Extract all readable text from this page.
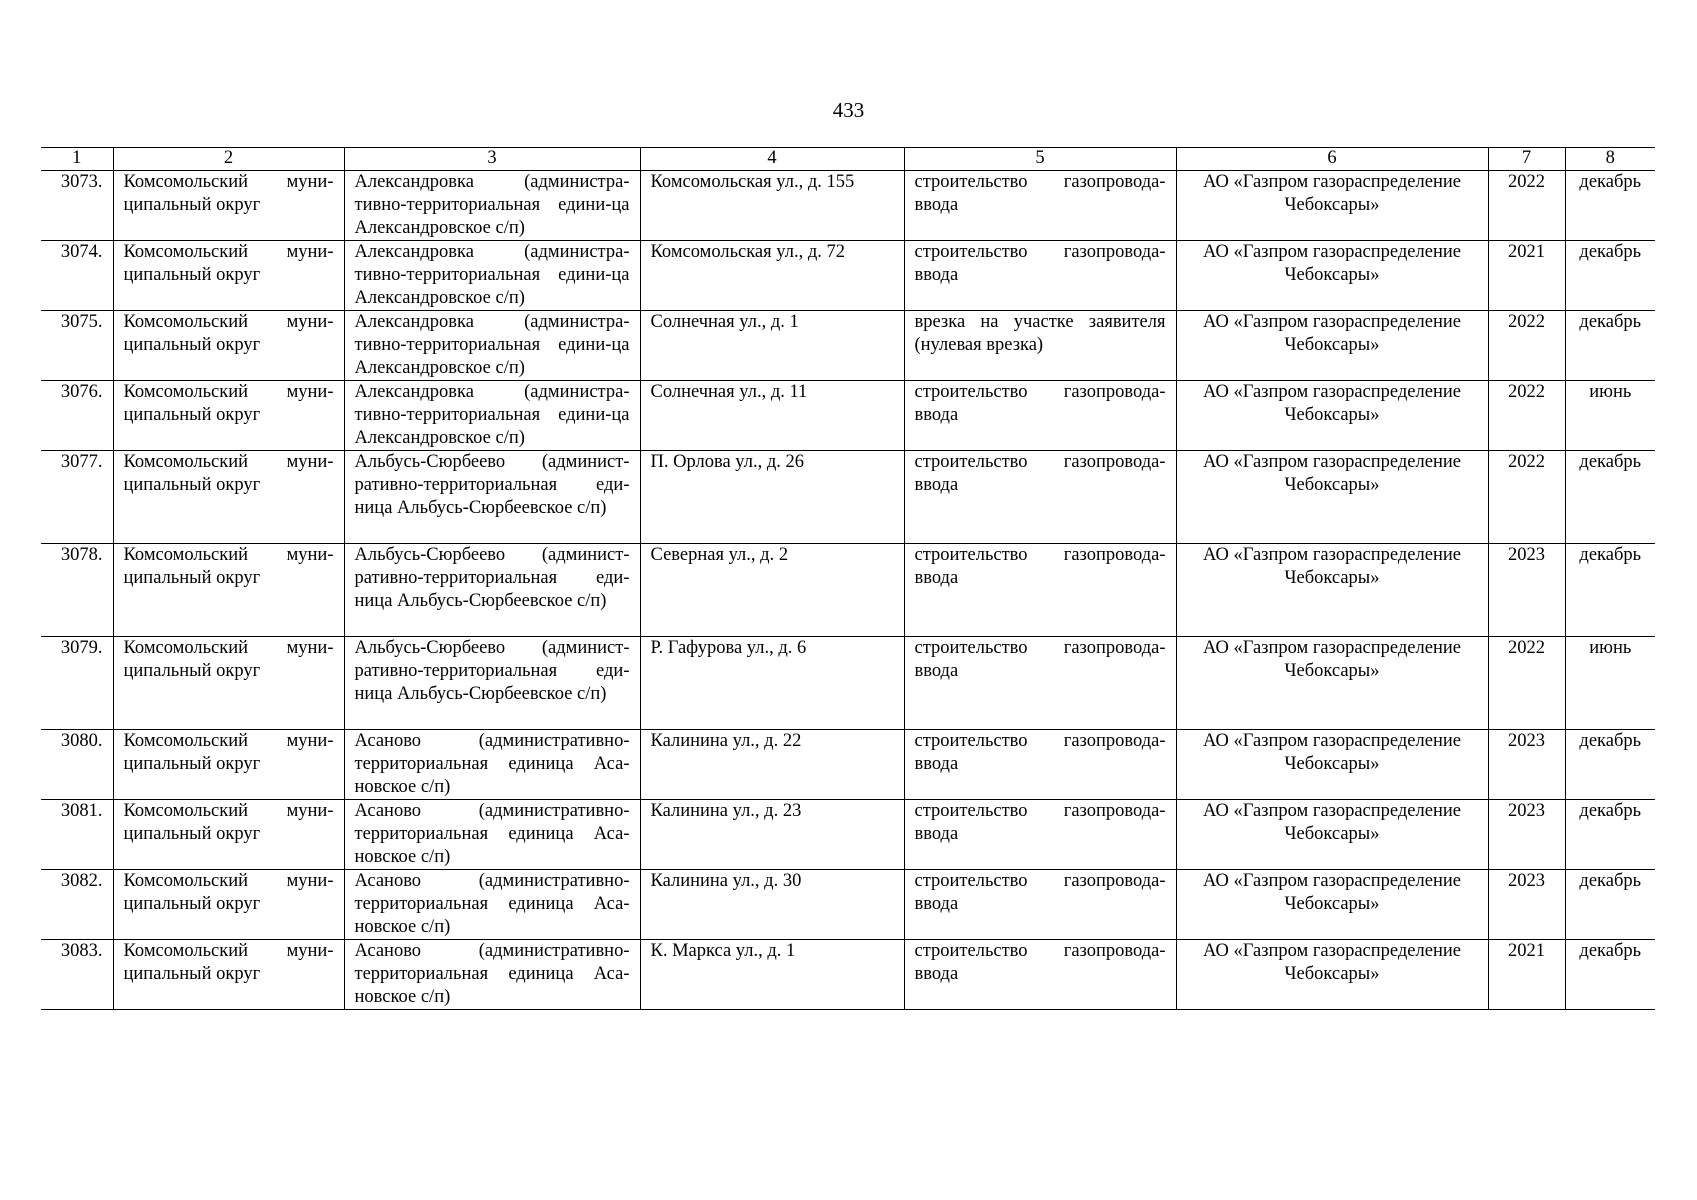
433
1	2	3	4	5	6	7	8
3073.	Комсомольский муни-ципальный округ	Александровка (администра-тивно-территориальная едини-ца Александровское с/п)	Комсомольская ул., д. 155	строительство газопровода-ввода	АО «Газпром газораспределение Чебоксары»	2022	декабрь
3074.	Комсомольский муни-ципальный округ	Александровка (администра-тивно-территориальная едини-ца Александровское с/п)	Комсомольская ул., д. 72	строительство газопровода-ввода	АО «Газпром газораспределение Чебоксары»	2021	декабрь
3075.	Комсомольский муни-ципальный округ	Александровка (администра-тивно-территориальная едини-ца Александровское с/п)	Солнечная ул., д. 1	врезка на участке заявителя (нулевая врезка)	АО «Газпром газораспределение Чебоксары»	2022	декабрь
3076.	Комсомольский муни-ципальный округ	Александровка (администра-тивно-территориальная едини-ца Александровское с/п)	Солнечная ул., д. 11	строительство газопровода-ввода	АО «Газпром газораспределение Чебоксары»	2022	июнь
3077.	Комсомольский муни-ципальный округ	Альбусь-Сюрбеево (админист-ративно-территориальная еди-ница Альбусь-Сюрбеевское с/п)	П. Орлова ул., д. 26	строительство газопровода-ввода	АО «Газпром газораспределение Чебоксары»	2022	декабрь
3078.	Комсомольский муни-ципальный округ	Альбусь-Сюрбеево (админист-ративно-территориальная еди-ница Альбусь-Сюрбеевское с/п)	Северная ул., д. 2	строительство газопровода-ввода	АО «Газпром газораспределение Чебоксары»	2023	декабрь
3079.	Комсомольский муни-ципальный округ	Альбусь-Сюрбеево (админист-ративно-территориальная еди-ница Альбусь-Сюрбеевское с/п)	Р. Гафурова ул., д. 6	строительство газопровода-ввода	АО «Газпром газораспределение Чебоксары»	2022	июнь
3080.	Комсомольский муни-ципальный округ	Асаново (административно-территориальная единица Аса-новское с/п)	Калинина ул., д. 22	строительство газопровода-ввода	АО «Газпром газораспределение Чебоксары»	2023	декабрь
3081.	Комсомольский муни-ципальный округ	Асаново (административно-территориальная единица Аса-новское с/п)	Калинина ул., д. 23	строительство газопровода-ввода	АО «Газпром газораспределение Чебоксары»	2023	декабрь
3082.	Комсомольский муни-ципальный округ	Асаново (административно-территориальная единица Аса-новское с/п)	Калинина ул., д. 30	строительство газопровода-ввода	АО «Газпром газораспределение Чебоксары»	2023	декабрь
3083.	Комсомольский муни-ципальный округ	Асаново (административно-территориальная единица Аса-новское с/п)	К. Маркса ул., д. 1	строительство газопровода-ввода	АО «Газпром газораспределение Чебоксары»	2021	декабрь
